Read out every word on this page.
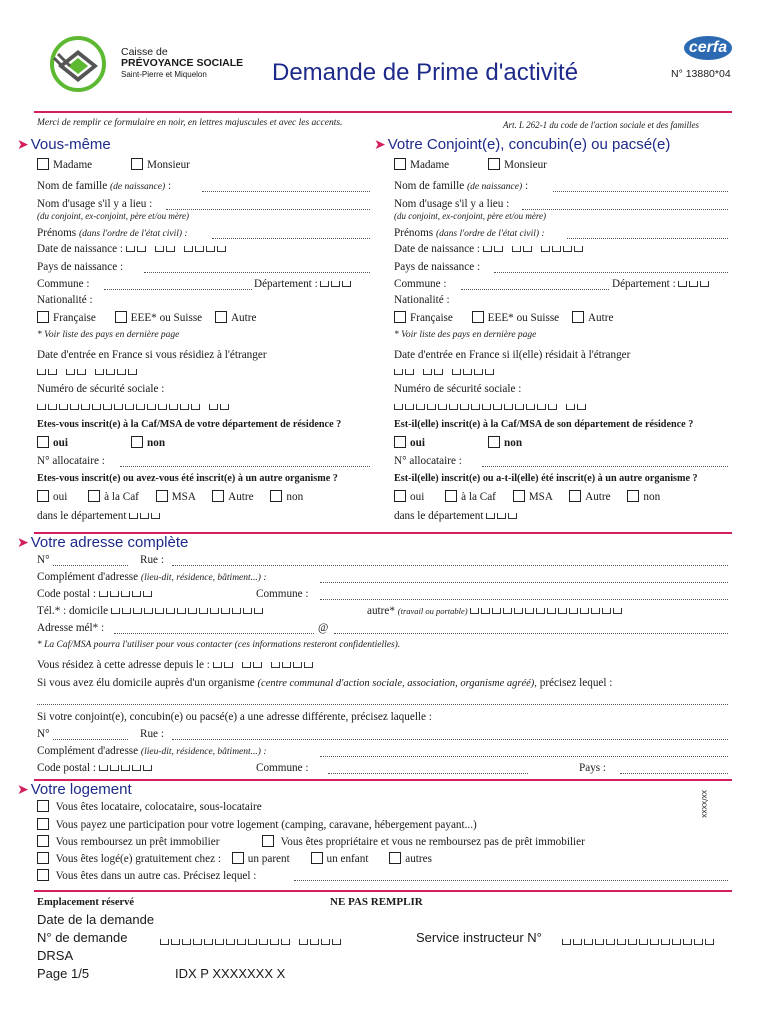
Caisse de
PRÉVOYANCE SOCIALE
Saint-Pierre et Miquelon	Demande de Prime d'activité
cerfa
N° 13880*04
Merci de remplir ce formulaire en noir, en lettres majuscules et avec les accents.	Art. L 262-1 du code de l'action sociale et des familles
➤ Vous-même
Madame	Monsieur
Nom de famille (de naissance) :
Nom d'usage s'il y a lieu :
(du conjoint, ex-conjoint, père et/ou mère)
Prénoms (dans l'ordre de l'état civil) :
Date de naissance :
Pays de naissance :
Commune :	Département :
Nationalité :
Française	EEE* ou Suisse	Autre
* Voir liste des pays en dernière page
Date d'entrée en France si vous résidiez à l'étranger
Numéro de sécurité sociale :
Etes-vous inscrit(e) à la Caf/MSA de votre département de résidence ?
oui	non
N° allocataire :
Etes-vous inscrit(e) ou avez-vous été inscrit(e) à un autre organisme ?
oui	à la Caf	MSA	Autre	non
dans le département
➤ Votre Conjoint(e), concubin(e) ou pacsé(e)
Madame	Monsieur
Nom de famille (de naissance) :
Nom d'usage s'il y a lieu :
(du conjoint, ex-conjoint, père et/ou mère)
Prénoms (dans l'ordre de l'état civil) :
Date de naissance :
Pays de naissance :
Commune :	Département :
Nationalité :
Française	EEE* ou Suisse	Autre
* Voir liste des pays en dernière page
Date d'entrée en France si il(elle) résidait à l'étranger
Numéro de sécurité sociale :
Est-il(elle) inscrit(e) à la Caf/MSA de son département de résidence ?
oui	non
N° allocataire :
Est-il(elle) inscrit(e) ou a-t-il(elle) été inscrit(e) à un autre organisme ?
oui	à la Caf	MSA	Autre	non
dans le département
➤ Votre adresse complète
N°	Rue :
Complément d'adresse (lieu-dit, résidence, bâtiment...) :
Code postal :	Commune :
Tél.* : domicile	autre* (travail ou portable)
Adresse mél* :	@
* La Caf/MSA pourra l'utiliser pour vous contacter (ces informations resteront confidentielles).
Vous résidez à cette adresse depuis le :
Si vous avez élu domicile auprès d'un organisme (centre communal d'action sociale, association, organisme agréé), précisez lequel :
Si votre conjoint(e), concubin(e) ou pacsé(e) a une adresse différente, précisez laquelle :
N°	Rue :
Complément d'adresse (lieu-dit, résidence, bâtiment...) :
Code postal :	Commune :	Pays :
➤ Votre logement
xx/xxxx
Vous êtes locataire, colocataire, sous-locataire
Vous payez une participation pour votre logement (camping, caravane, hébergement payant...)
Vous remboursez un prêt immobilier	Vous êtes propriétaire et vous ne remboursez pas de prêt immobilier
Vous êtes logé(e) gratuitement chez : un parent	un enfant	autres
Vous êtes dans un autre cas. Précisez lequel :
Emplacement réservé	NE PAS REMPLIR
Date de la demande
N° de demande	Service instructeur N°
DRSA
Page 1/5	IDX P XXXXXXX X
